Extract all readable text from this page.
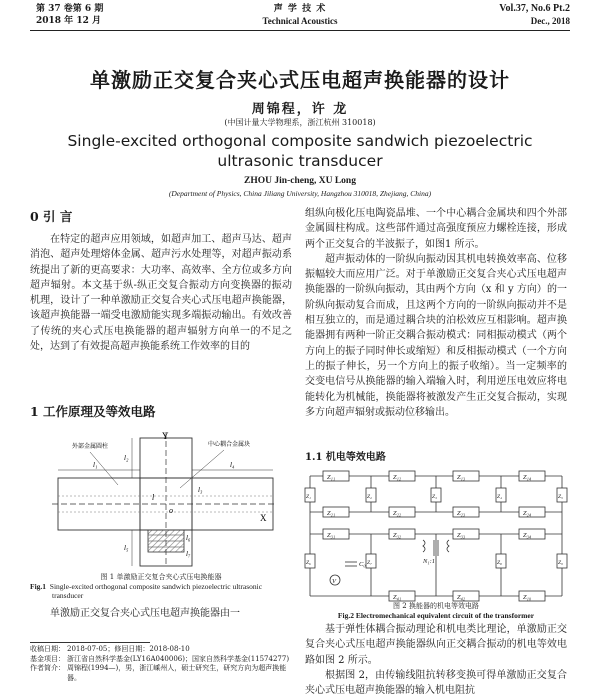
第 37 卷第 6 期
2018 年 12 月
声 学 技 术
Technical Acoustics
Vol.37, No.6 Pt.2
Dec., 2018
单激励正交复合夹心式压电超声换能器的设计
周锦程，许 龙
(中国计量大学物理系，浙江杭州 310018)
Single-excited orthogonal composite sandwich piezoelectric
ultrasonic transducer
ZHOU Jin-cheng, XU Long
(Department of Physics, China Jiliang University, Hangzhou 310018, Zhejiang, China)
0 引 言

在特定的超声应用领域，如超声加工、超声马达、超声消泡、超声处理熔体金属、超声污水处理等，对超声振动系统提出了新的更高要求：大功率、高效率、全方位或多方向超声辐射。本文基于纵-纵正交复合振动方向变换器的振动机理，设计了一种单激励正交复合夹心式压电超声换能器，该超声换能器一端受电激励能实现多端振动输出。有效改善了传统的夹心式压电换能器的超声辐射方向单一的不足之处，达到了有效提高超声换能系统工作效率的目的

1 工作原理及等效电路
Y
X
o
l
l₁
l₂
l₃
l₄
l₅
l₆
l₇
外部金属圆柱	中心耦合金属块
图 1 单激励正交复合夹心式压电换能器
Fig.1 Single-excited orthogonal composite sandwich piezoelectric ultrasonic transducer

单激励正交复合夹心式压电超声换能器由一

收稿日期： 2018-07-05；修回日期：2018-08-10
基金项目： 浙江省自然科学基金(LY16A040006)；国家自然科学基金(11574277)
作者简介： 周锦程(1994—)，男，浙江嵊州人，硕士研究生，研究方向为超声换能器。

组纵向极化压电陶瓷晶堆、一个中心耦合金属块和四个外部金属圆柱构成。这些部件通过高强度预应力螺栓连接，形成两个正交复合的半波振子，如图1 所示。

超声振动体的一阶纵向振动因其机电转换效率高、位移振幅较大而应用广泛。对于单激励正交复合夹心式压电超声换能器的一阶纵向振动，其由两个方向（x 和 y 方向）的一阶纵向振动复合而成，且这两个方向的一阶纵向振动并不是相互独立的，而是通过耦合块的泊松效应互相影响。超声换能器拥有两种一阶正交耦合振动模式：同相振动模式（两个方向上的振子同时伸长或缩短）和反相振动模式（一个方向上的振子伸长，另一个方向上的振子收缩）。当一定频率的交变电信号从换能器的输入端输入时，利用逆压电效应将电能转化为机械能，换能器将被激发产生正交复合振动，实现多方向超声辐射或振动位移输出。

1.1 机电等效电路
Z₁₁	Z₁₂	Z₁₃	Z₁₄
Z₂₁	Z₂₂	Z₂₃	Z₂₄
Z₁	Z₂	Z₃	Z₄	Z₅
Z₆	Z₇	Z₈	Z₉
Z₁₀
Z₃₁	Z₃₂	Z₃₃	Z₃₄
Z₄₁	Z₄₂
C₀	N₁:1
V
图 2 换能器的机电等效电路
Fig.2 Electromechanical equivalent circuit of the transformer

基于弹性体耦合振动理论和机电类比理论，单激励正交复合夹心式压电超声换能器纵向正交耦合振动的机电等效电路如图 2 所示。

根据图 2，由传输线阻抗转移变换可得单激励正交复合夹心式压电超声换能器的输入机电阻抗
